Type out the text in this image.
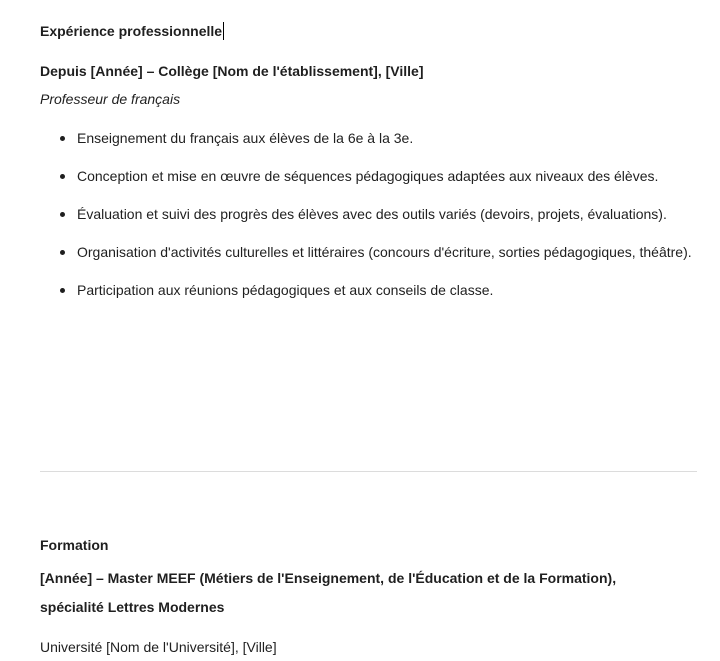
Expérience professionnelle
Depuis [Année] – Collège [Nom de l'établissement], [Ville]
Professeur de français
Enseignement du français aux élèves de la 6e à la 3e.
Conception et mise en œuvre de séquences pédagogiques adaptées aux niveaux des élèves.
Évaluation et suivi des progrès des élèves avec des outils variés (devoirs, projets, évaluations).
Organisation d'activités culturelles et littéraires (concours d'écriture, sorties pédagogiques, théâtre).
Participation aux réunions pédagogiques et aux conseils de classe.
Formation
[Année] – Master MEEF (Métiers de l'Enseignement, de l'Éducation et de la Formation), spécialité Lettres Modernes
Université [Nom de l'Université], [Ville]
